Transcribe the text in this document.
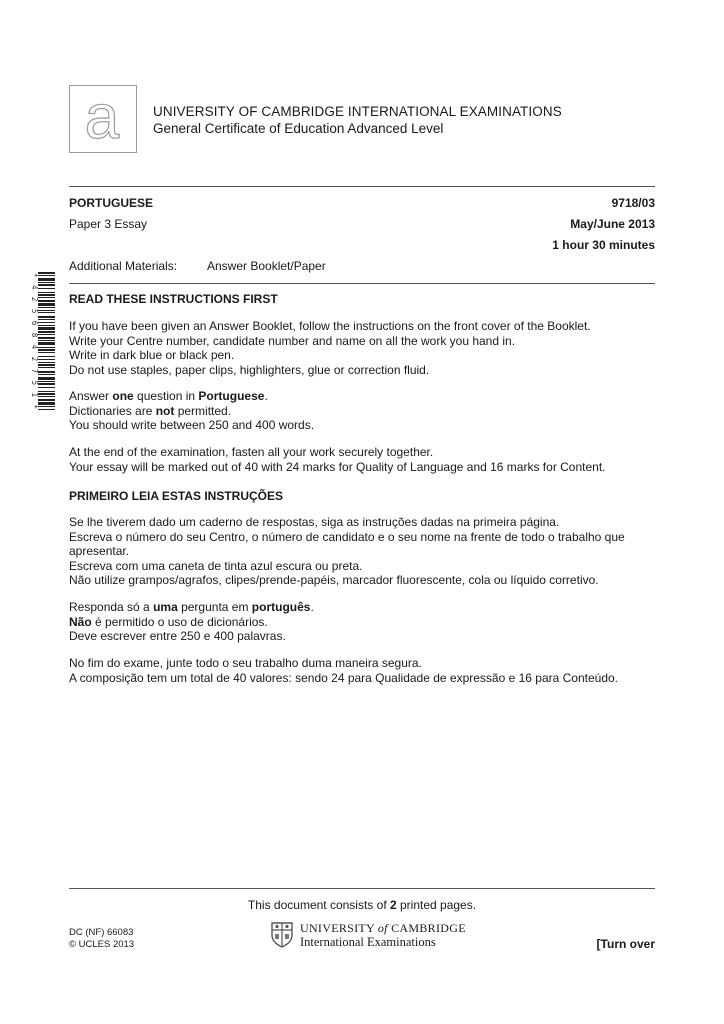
a	UNIVERSITY OF CAMBRIDGE INTERNATIONAL EXAMINATIONS
General Certificate of Education Advanced Level
PORTUGUESE	9718/03
Paper 3 Essay	May/June 2013
1 hour 30 minutes
Additional Materials: Answer Booklet/Paper
*4256842751*
READ THESE INSTRUCTIONS FIRST
If you have been given an Answer Booklet, follow the instructions on the front cover of the Booklet.
Write your Centre number, candidate number and name on all the work you hand in.
Write in dark blue or black pen.
Do not use staples, paper clips, highlighters, glue or correction fluid.
Answer one question in Portuguese.
Dictionaries are not permitted.
You should write between 250 and 400 words.
At the end of the examination, fasten all your work securely together.
Your essay will be marked out of 40 with 24 marks for Quality of Language and 16 marks for Content.
PRIMEIRO LEIA ESTAS INSTRUÇÕES
Se lhe tiverem dado um caderno de respostas, siga as instruções dadas na primeira página.
Escreva o número do seu Centro, o número de candidato e o seu nome na frente de todo o trabalho que
apresentar.
Escreva com uma caneta de tinta azul escura ou preta.
Não utilize grampos/agrafos, clipes/prende-papéis, marcador fluorescente, cola ou líquido corretivo.
Responda só a uma pergunta em português.
Não é permitido o uso de dicionários.
Deve escrever entre 250 e 400 palavras.
No fim do exame, junte todo o seu trabalho duma maneira segura.
A composição tem um total de 40 valores: sendo 24 para Qualidade de expressão e 16 para Conteúdo.
This document consists of 2 printed pages.
DC (NF) 66083
© UCLES 2013
UNIVERSITY of CAMBRIDGE
International Examinations	[Turn over
